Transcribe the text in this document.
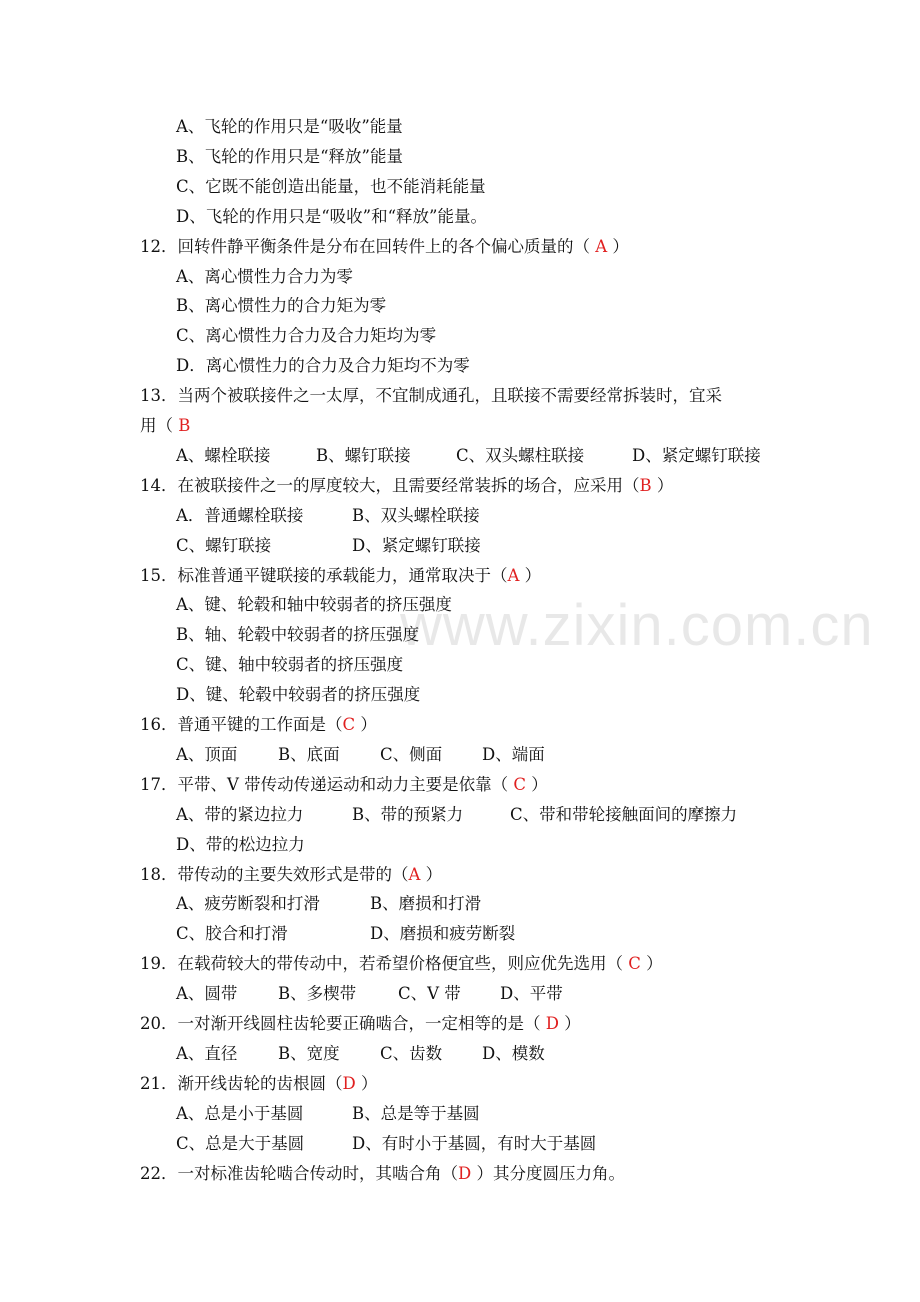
www.zixin.com.cn
A、飞轮的作用只是“吸收”能量
B、飞轮的作用只是“释放”能量
C、它既不能创造出能量，也不能消耗能量
D、飞轮的作用只是“吸收”和“释放”能量。
12．回转件静平衡条件是分布在回转件上的各个偏心质量的（ A ）
A、离心惯性力合力为零
B、离心惯性力的合力矩为零
C、离心惯性力合力及合力矩均为零
D．离心惯性力的合力及合力矩均不为零
13．当两个被联接件之一太厚，不宜制成通孔，且联接不需要经常拆装时，宜采
用（ B
A、螺栓联接	B、螺钉联接	C、双头螺柱联接	D、紧定螺钉联接
14．在被联接件之一的厚度较大，且需要经常装拆的场合，应采用（B ）
A．普通螺栓联接	B、双头螺栓联接
C、螺钉联接	D、紧定螺钉联接
15．标准普通平键联接的承载能力，通常取决于（A ）
A、键、轮毂和轴中较弱者的挤压强度
B、轴、轮毂中较弱者的挤压强度
C、键、轴中较弱者的挤压强度
D、键、轮毂中较弱者的挤压强度
16．普通平键的工作面是（C ）
A、顶面 B、底面 C、侧面 D、端面
17．平带、V 带传动传递运动和动力主要是依靠（ C ）
A、带的紧边拉力	B、带的预紧力	C、带和带轮接触面间的摩擦力
D、带的松边拉力
18．带传动的主要失效形式是带的（A ）
A、疲劳断裂和打滑	B、磨损和打滑
C、胶合和打滑	D、磨损和疲劳断裂
19．在载荷较大的带传动中，若希望价格便宜些，则应优先选用（ C ）
A、圆带 B、多楔带	C、V 带 D、平带
20．一对渐开线圆柱齿轮要正确啮合，一定相等的是（ D ）
A、直径 B、宽度 C、齿数 D、模数
21．渐开线齿轮的齿根圆（D ）
A、总是小于基圆	B、总是等于基圆
C、总是大于基圆	D、有时小于基圆，有时大于基圆
22．一对标准齿轮啮合传动时，其啮合角（D ）其分度圆压力角。
